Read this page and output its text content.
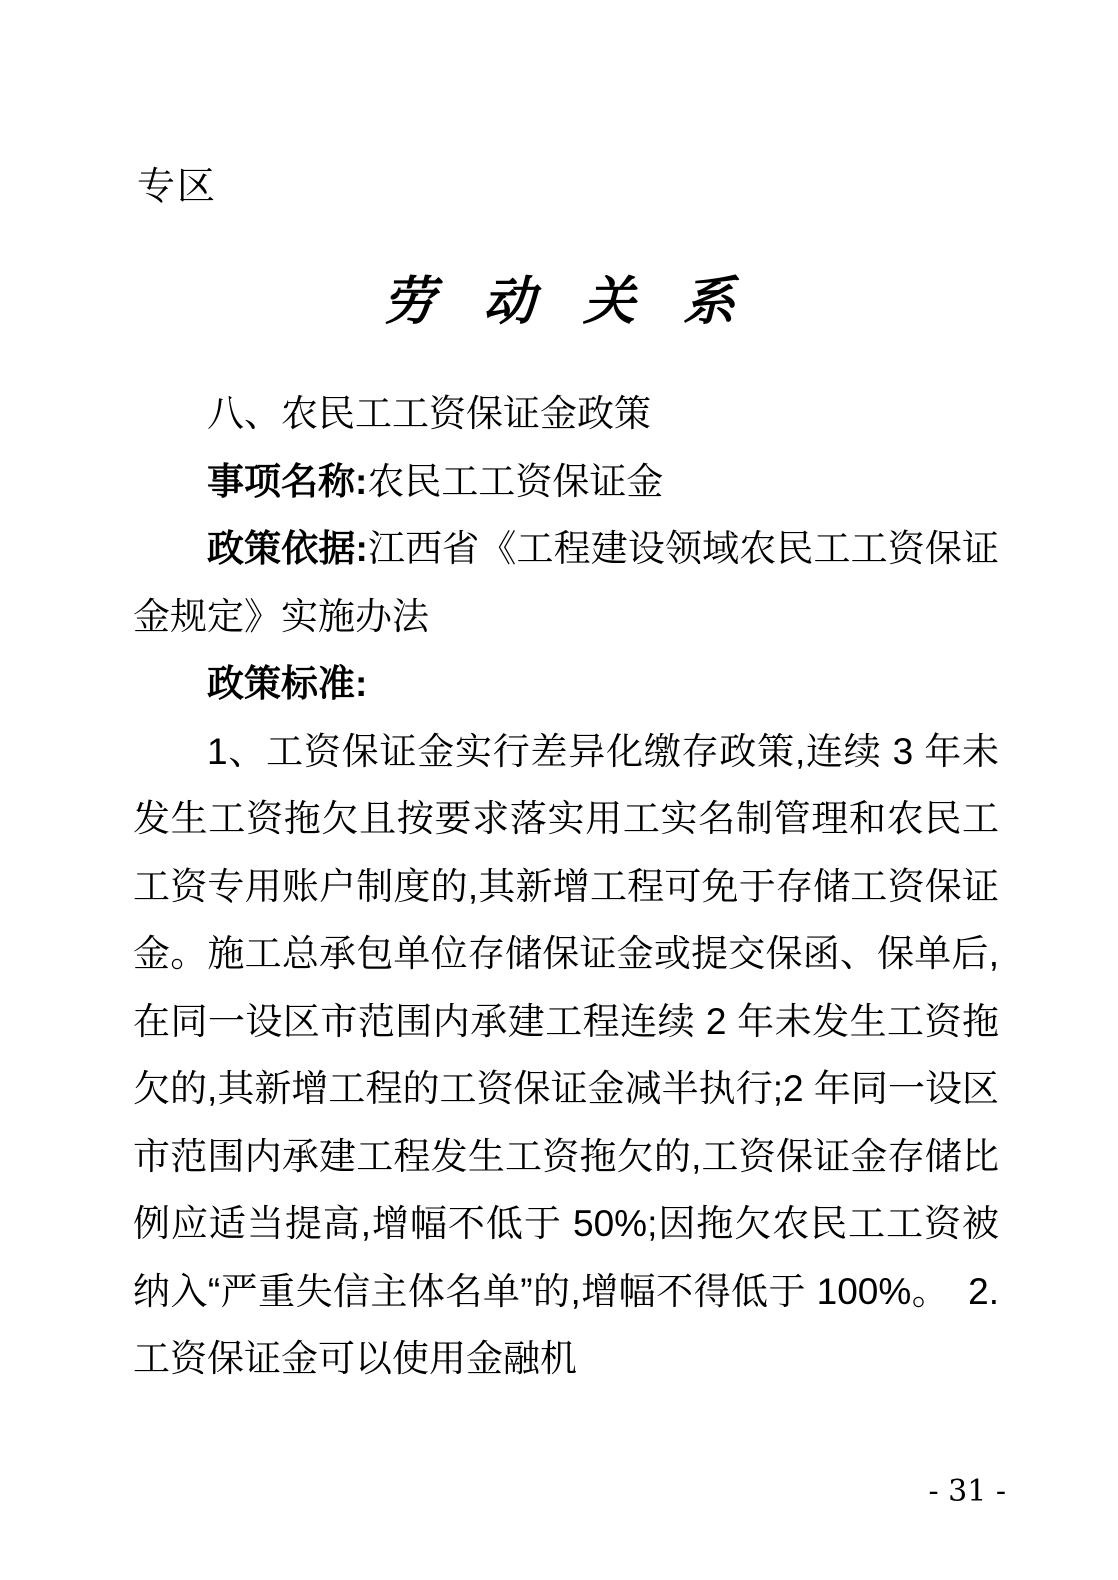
专区
劳动关系

八、农民工工资保证金政策

事项名称:农民工工资保证金

政策依据:江西省《工程建设领域农民工工资保证金规定》实施办法

政策标准:

1、工资保证金实行差异化缴存政策,连续 3 年未发生工资拖欠且按要求落实用工实名制管理和农民工工资专用账户制度的,其新增工程可免于存储工资保证金。施工总承包单位存储保证金或提交保函、保单后,在同一设区市范围内承建工程连续 2 年未发生工资拖欠的,其新增工程的工资保证金减半执行;2 年同一设区市范围内承建工程发生工资拖欠的,工资保证金存储比例应适当提高,增幅不低于 50%;因拖欠农民工工资被纳入“严重失信主体名单”的,增幅不得低于 100%。　2.工资保证金可以使用金融机

- 31 -
